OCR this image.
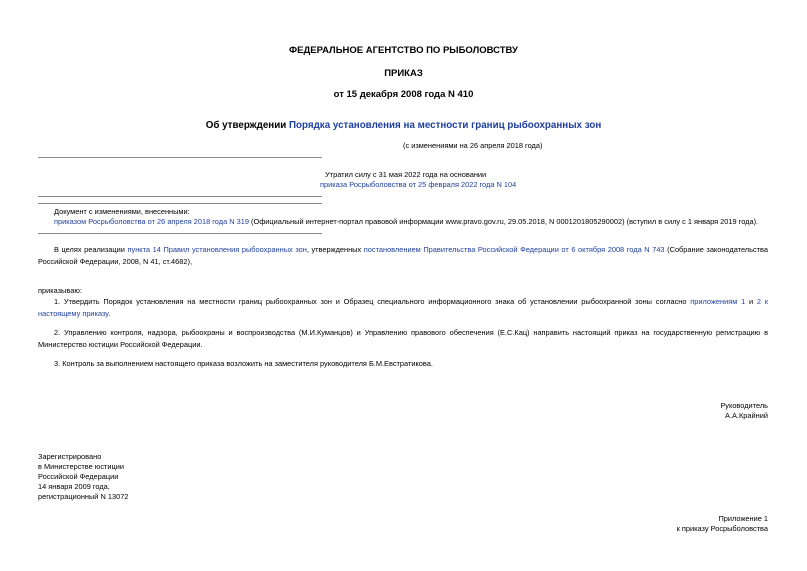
ФЕДЕРАЛЬНОЕ АГЕНТСТВО ПО РЫБОЛОВСТВУ
ПРИКАЗ
от 15 декабря 2008 года N 410
Об утверждении Порядка установления на местности границ рыбоохранных зон
(с изменениями на 26 апреля 2018 года)
Утратил силу с 31 мая 2022 года на основании
приказа Росрыболовства от 25 февраля 2022 года N 104
Документ с изменениями, внесенными:
приказом Росрыболовства от 26 апреля 2018 года N 319 (Официальный интернет-портал правовой информации www.pravo.gov.ru, 29.05.2018, N 0001201805290002) (вступил в силу с 1 января 2019 года).
В целях реализации пункта 14 Правил установления рыбоохранных зон, утвержденных постановлением Правительства Российской Федерации от 6 октября 2008 года N 743 (Собрание законодательства Российской Федерации, 2008, N 41, ст.4682),
приказываю:
1. Утвердить Порядок установления на местности границ рыбоохранных зон и Образец специального информационного знака об установлении рыбоохранной зоны согласно приложениям 1 и 2 к настоящему приказу.
2. Управлению контроля, надзора, рыбоохраны и воспроизводства (М.И.Куманцов) и Управлению правового обеспечения (Е.С.Кац) направить настоящий приказ на государственную регистрацию в Министерство юстиции Российской Федерации.
3. Контроль за выполнением настоящего приказа возложить на заместителя руководителя Б.М.Евстратикова.
Руководитель
А.А.Крайний
Зарегистрировано
в Министерстве юстиции
Российской Федерации
14 января 2009 года,
регистрационный N 13072
Приложение 1
к приказу Росрыболовства
